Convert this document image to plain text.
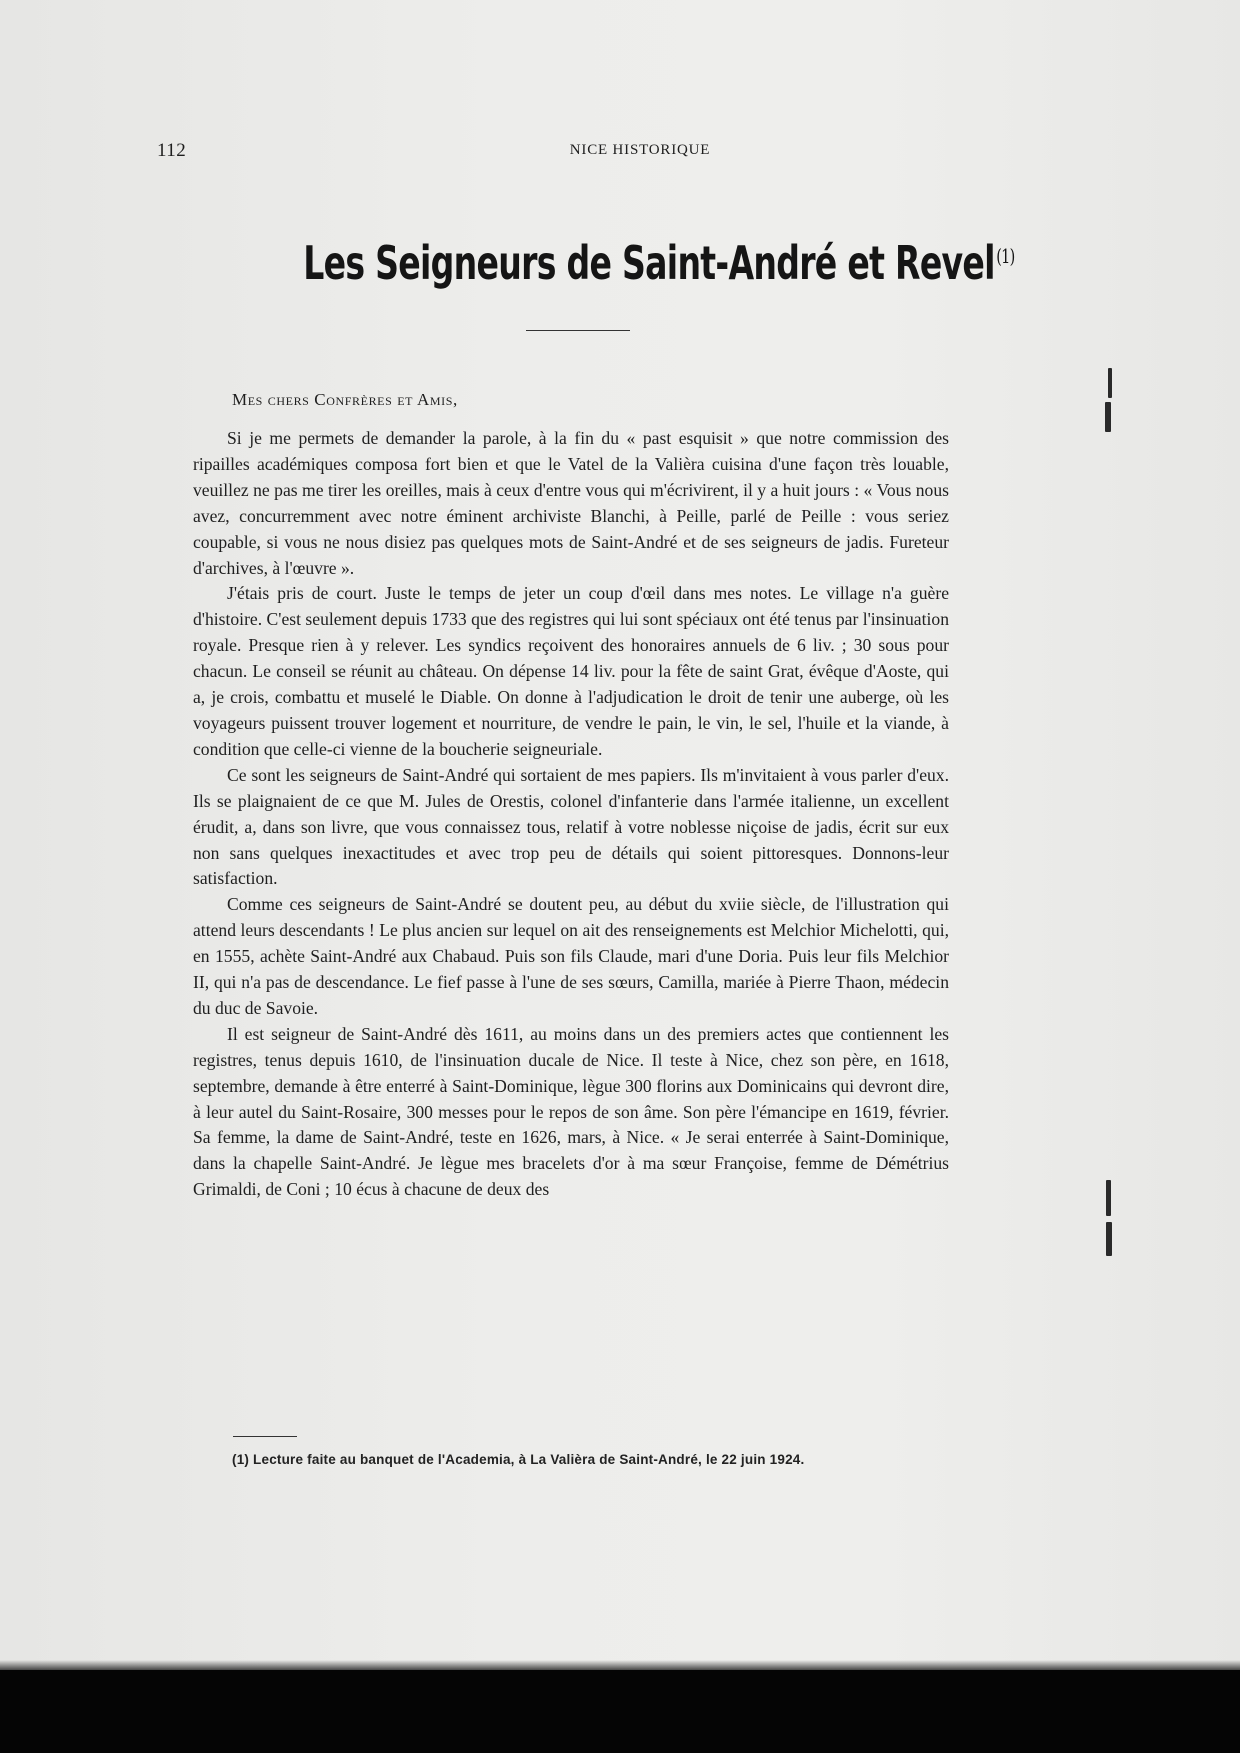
112	NICE HISTORIQUE
Les Seigneurs de Saint-André et Revel$^{(1)}$
Mes chers Confrères et Amis,

Si je me permets de demander la parole, à la fin du « past esquisit » que notre commission des ripailles académiques composa fort bien et que le Vatel de la Valièra cuisina d'une façon très louable, veuillez ne pas me tirer les oreilles, mais à ceux d'entre vous qui m'écrivirent, il y a huit jours : « Vous nous avez, concurremment avec notre éminent archiviste Blanchi, à Peille, parlé de Peille : vous seriez coupable, si vous ne nous disiez pas quelques mots de Saint-André et de ses seigneurs de jadis. Fureteur d'archives, à l'œuvre ».

J'étais pris de court. Juste le temps de jeter un coup d'œil dans mes notes. Le village n'a guère d'histoire. C'est seulement depuis 1733 que des registres qui lui sont spéciaux ont été tenus par l'insinuation royale. Presque rien à y relever. Les syndics reçoivent des honoraires annuels de 6 liv. ; 30 sous pour chacun. Le conseil se réunit au château. On dépense 14 liv. pour la fête de saint Grat, évêque d'Aoste, qui a, je crois, combattu et muselé le Diable. On donne à l'adjudication le droit de tenir une auberge, où les voyageurs puissent trouver logement et nourriture, de vendre le pain, le vin, le sel, l'huile et la viande, à condition que celle-ci vienne de la boucherie seigneuriale.

Ce sont les seigneurs de Saint-André qui sortaient de mes papiers. Ils m'invitaient à vous parler d'eux. Ils se plaignaient de ce que M. Jules de Orestis, colonel d'infanterie dans l'armée italienne, un excellent érudit, a, dans son livre, que vous connaissez tous, relatif à votre noblesse niçoise de jadis, écrit sur eux non sans quelques inexactitudes et avec trop peu de détails qui soient pittoresques. Donnons-leur satisfaction.

Comme ces seigneurs de Saint-André se doutent peu, au début du xviie siècle, de l'illustration qui attend leurs descendants ! Le plus ancien sur lequel on ait des renseignements est Melchior Michelotti, qui, en 1555, achète Saint-André aux Chabaud. Puis son fils Claude, mari d'une Doria. Puis leur fils Melchior II, qui n'a pas de descendance. Le fief passe à l'une de ses sœurs, Camilla, mariée à Pierre Thaon, médecin du duc de Savoie.

Il est seigneur de Saint-André dès 1611, au moins dans un des premiers actes que contiennent les registres, tenus depuis 1610, de l'insinuation ducale de Nice. Il teste à Nice, chez son père, en 1618, septembre, demande à être enterré à Saint-Dominique, lègue 300 florins aux Dominicains qui devront dire, à leur autel du Saint-Rosaire, 300 messes pour le repos de son âme. Son père l'émancipe en 1619, février. Sa femme, la dame de Saint-André, teste en 1626, mars, à Nice. « Je serai enterrée à Saint-Dominique, dans la chapelle Saint-André. Je lègue mes bracelets d'or à ma sœur Françoise, femme de Démétrius Grimaldi, de Coni ; 10 écus à chacune de deux des

(1) Lecture faite au banquet de l'Academia, à La Valièra de Saint-André, le 22 juin 1924.
